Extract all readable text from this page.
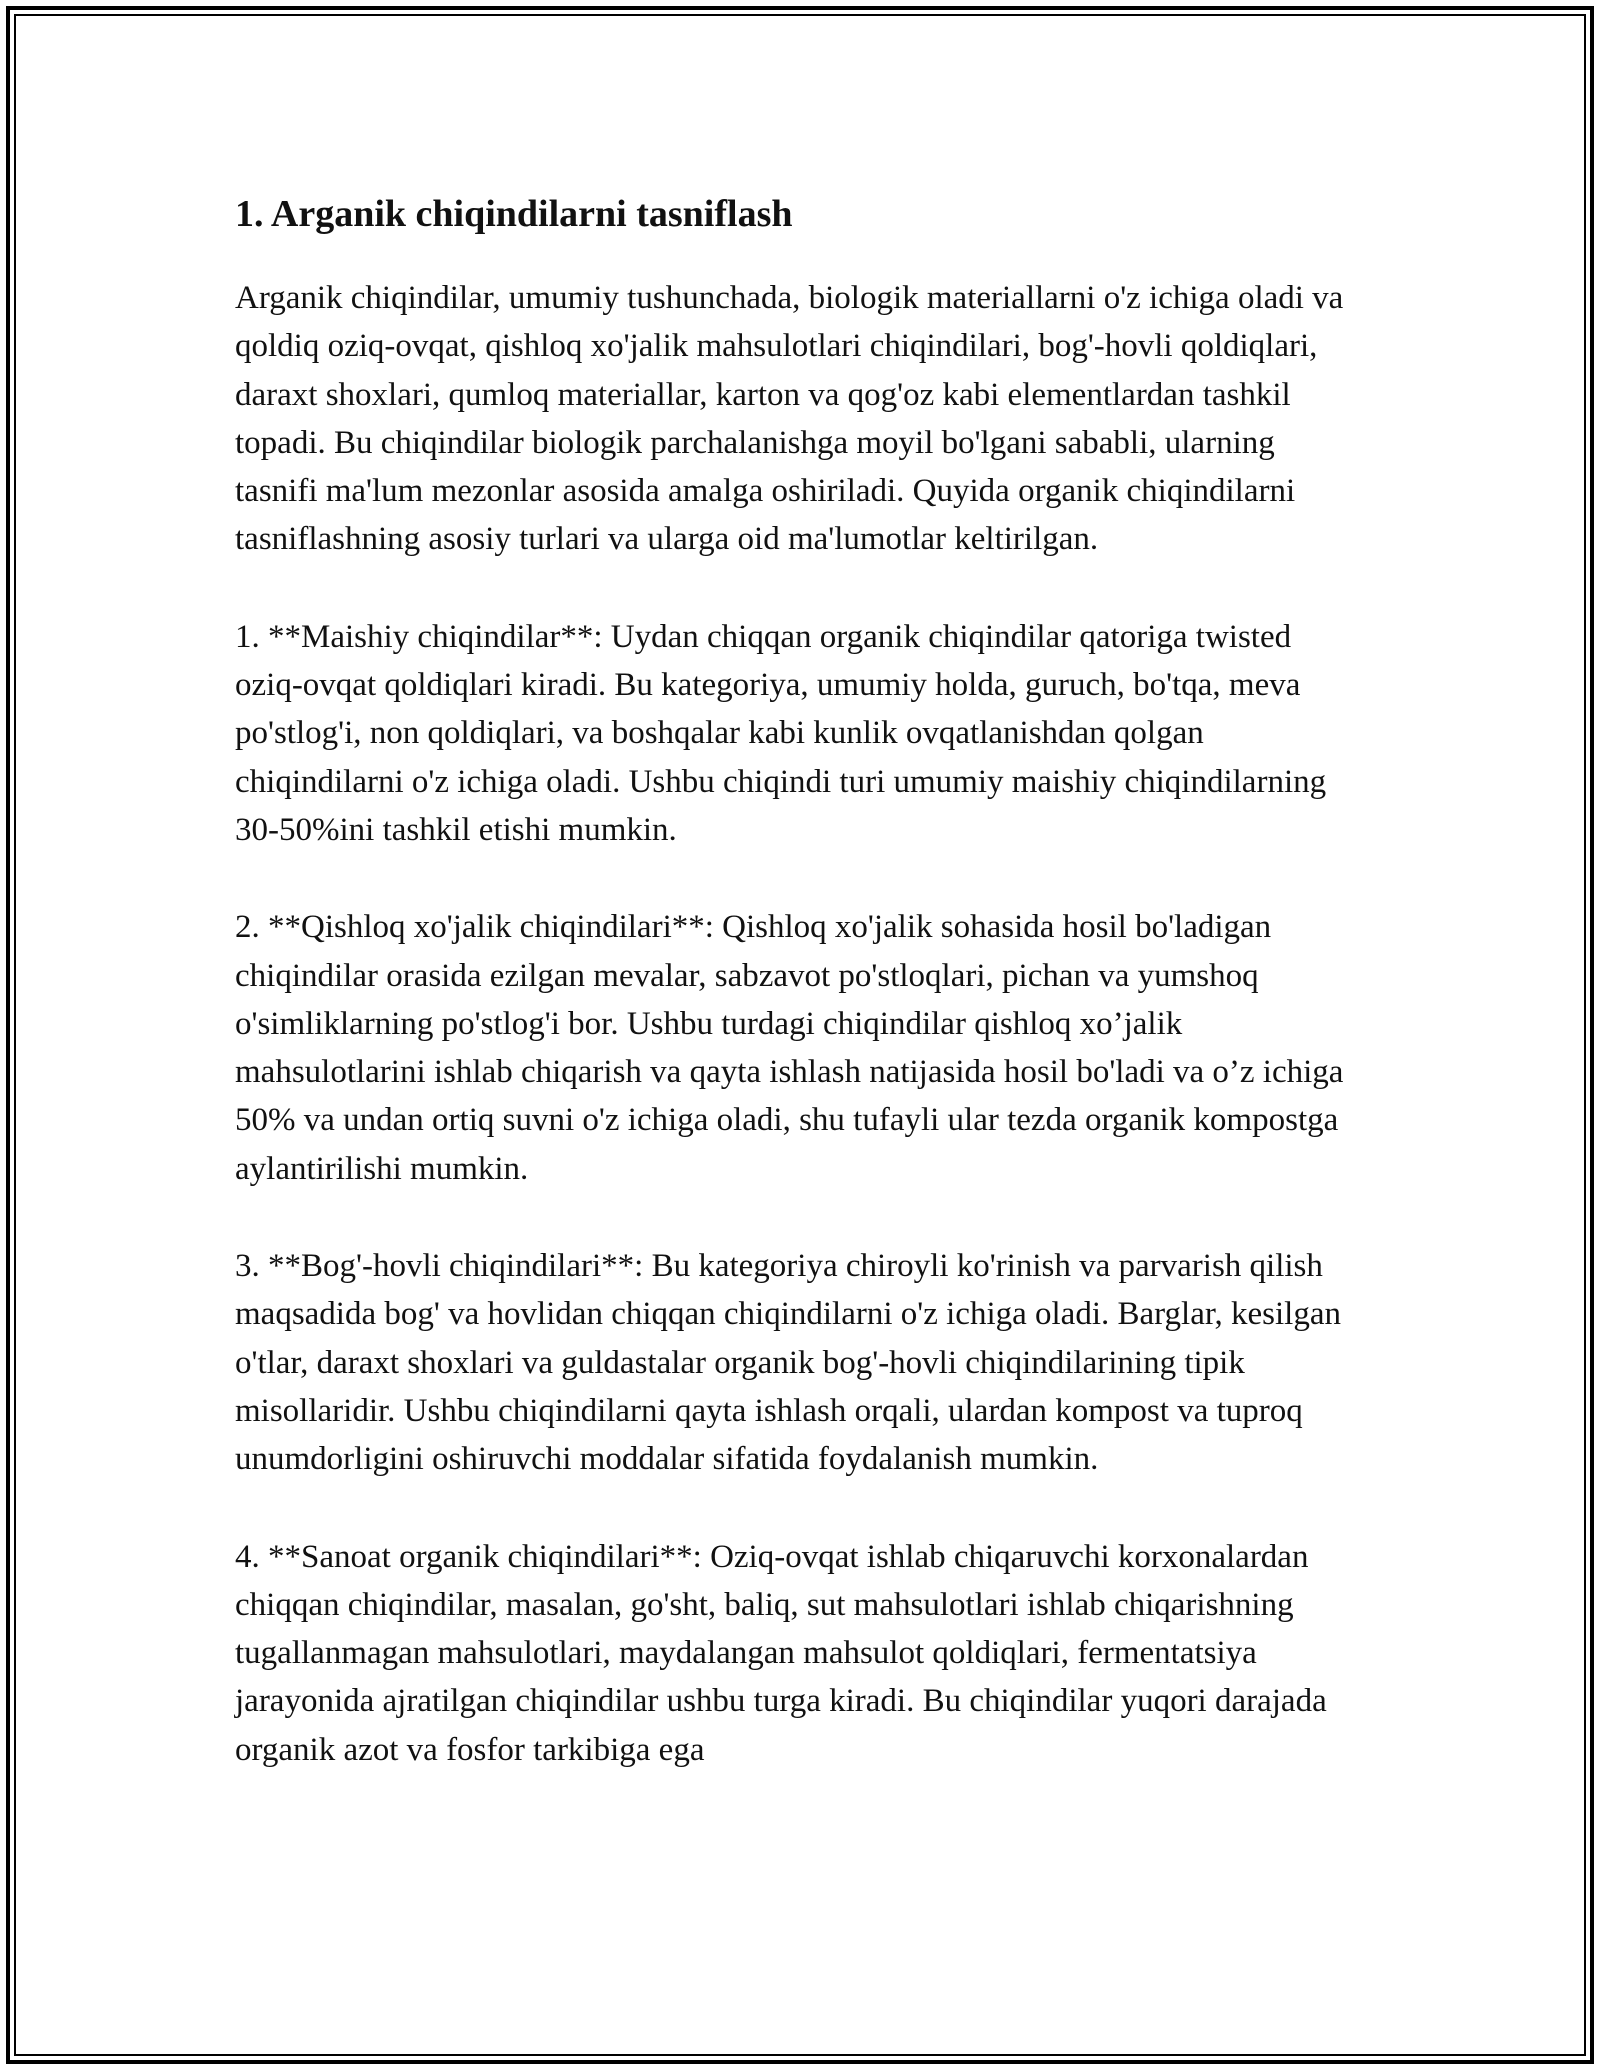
1. Arganik chiqindilarni tasniflash

Arganik chiqindilar, umumiy tushunchada, biologik materiallarni o'z ichiga oladi va qoldiq oziq-ovqat, qishloq xo'jalik mahsulotlari chiqindilari, bog'-hovli qoldiqlari, daraxt shoxlari, qumloq materiallar, karton va qog'oz kabi elementlardan tashkil topadi. Bu chiqindilar biologik parchalanishga moyil bo'lgani sababli, ularning tasnifi ma'lum mezonlar asosida amalga oshiriladi. Quyida organik chiqindilarni tasniflashning asosiy turlari va ularga oid ma'lumotlar keltirilgan.

1. **Maishiy chiqindilar**: Uydan chiqqan organik chiqindilar qatoriga twisted oziq-ovqat qoldiqlari kiradi. Bu kategoriya, umumiy holda, guruch, bo'tqa, meva po'stlog'i, non qoldiqlari, va boshqalar kabi kunlik ovqatlanishdan qolgan chiqindilarni o'z ichiga oladi. Ushbu chiqindi turi umumiy maishiy chiqindilarning 30-50%ini tashkil etishi mumkin.

2. **Qishloq xo'jalik chiqindilari**: Qishloq xo'jalik sohasida hosil bo'ladigan chiqindilar orasida ezilgan mevalar, sabzavot po'stloqlari, pichan va yumshoq o'simliklarning po'stlog'i bor. Ushbu turdagi chiqindilar qishloq xo’jalik mahsulotlarini ishlab chiqarish va qayta ishlash natijasida hosil bo'ladi va o’z ichiga 50% va undan ortiq suvni o'z ichiga oladi, shu tufayli ular tezda organik kompostga aylantirilishi mumkin.

3. **Bog'-hovli chiqindilari**: Bu kategoriya chiroyli ko'rinish va parvarish qilish maqsadida bog' va hovlidan chiqqan chiqindilarni o'z ichiga oladi. Barglar, kesilgan o'tlar, daraxt shoxlari va guldastalar organik bog'-hovli chiqindilarining tipik misollaridir. Ushbu chiqindilarni qayta ishlash orqali, ulardan kompost va tuproq unumdorligini oshiruvchi moddalar sifatida foydalanish mumkin.

4. **Sanoat organik chiqindilari**: Oziq-ovqat ishlab chiqaruvchi korxonalardan chiqqan chiqindilar, masalan, go'sht, baliq, sut mahsulotlari ishlab chiqarishning tugallanmagan mahsulotlari, maydalangan mahsulot qoldiqlari, fermentatsiya jarayonida ajratilgan chiqindilar ushbu turga kiradi. Bu chiqindilar yuqori darajada organik azot va fosfor tarkibiga ega
